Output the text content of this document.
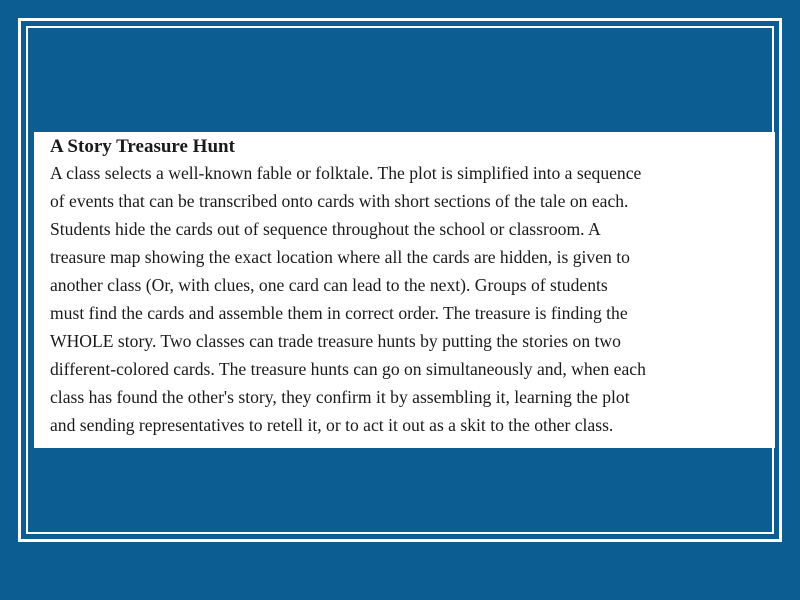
A Story Treasure Hunt
A class selects a well-known fable or folktale. The plot is simplified into a sequence
of events that can be transcribed onto cards with short sections of the tale on each.
Students hide the cards out of sequence throughout the school or classroom. A
treasure map showing the exact location where all the cards are hidden, is given to
another class (Or, with clues, one card can lead to the next). Groups of students
must find the cards and assemble them in correct order. The treasure is finding the
WHOLE story. Two classes can trade treasure hunts by putting the stories on two
different-colored cards. The treasure hunts can go on simultaneously and, when each
class has found the other's story, they confirm it by assembling it, learning the plot
and sending representatives to retell it, or to act it out as a skit to the other class.
